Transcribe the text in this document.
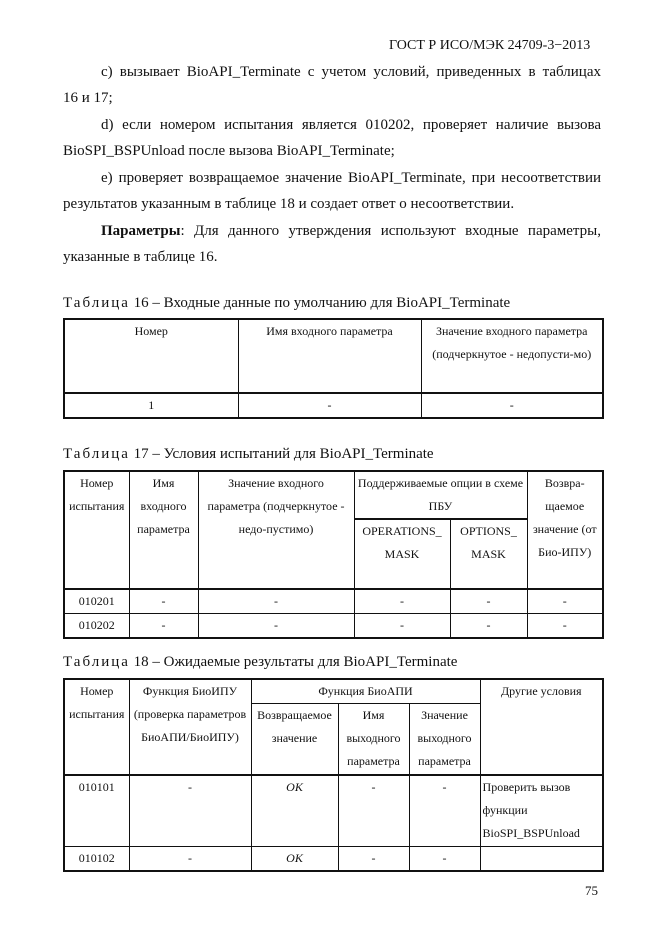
ГОСТ Р ИСО/МЭК 24709-3−2013
с) вызывает BioAPI_Terminate с учетом условий, приведенных в таблицах
16 и 17;
d) если номером испытания является 010202, проверяет наличие вызова
BioSPI_BSPUnload после вызова BioAPI_Terminate;
е) проверяет возвращаемое значение BioAPI_Terminate, при несоответствии
результатов указанным в таблице 18 и создает ответ о несоответствии.
Параметры : Для данного утверждения используют входные параметры,
указанные в таблице 16.
Таблица 16 – Входные данные по умолчанию для BioAPI_Terminate
Номер	Имя входного параметра	Значение входного параметра (подчеркнутое - недопусти-мо)
1	-	-
Таблица 17 – Условия испытаний для BioAPI_Terminate
Номер испытания	Имя входного параметра	Значение входного параметра (подчеркнутое - недо-пустимо)	Поддерживаемые опции в схеме ПБУ		Возвра-щаемое значение (от Био-ИПУ)
			OPERATIONS_ MASK	OPTIONS_ MASK	
010201	-	-	-	-	-
010202	-	-	-	-	-
Таблица 18 – Ожидаемые результаты для BioAPI_Terminate
Номер испытания	Функция БиоИПУ (проверка параметров БиоАПИ/БиоИПУ)	Функция БиоАПИ			Другие условия
		Возвращаемое значение	Имя выходного параметра	Значение выходного параметра	
010101	-	OK	-	-	Проверить вызов функции BioSPI_BSPUnload
010102	-	OK	-	-	
75
